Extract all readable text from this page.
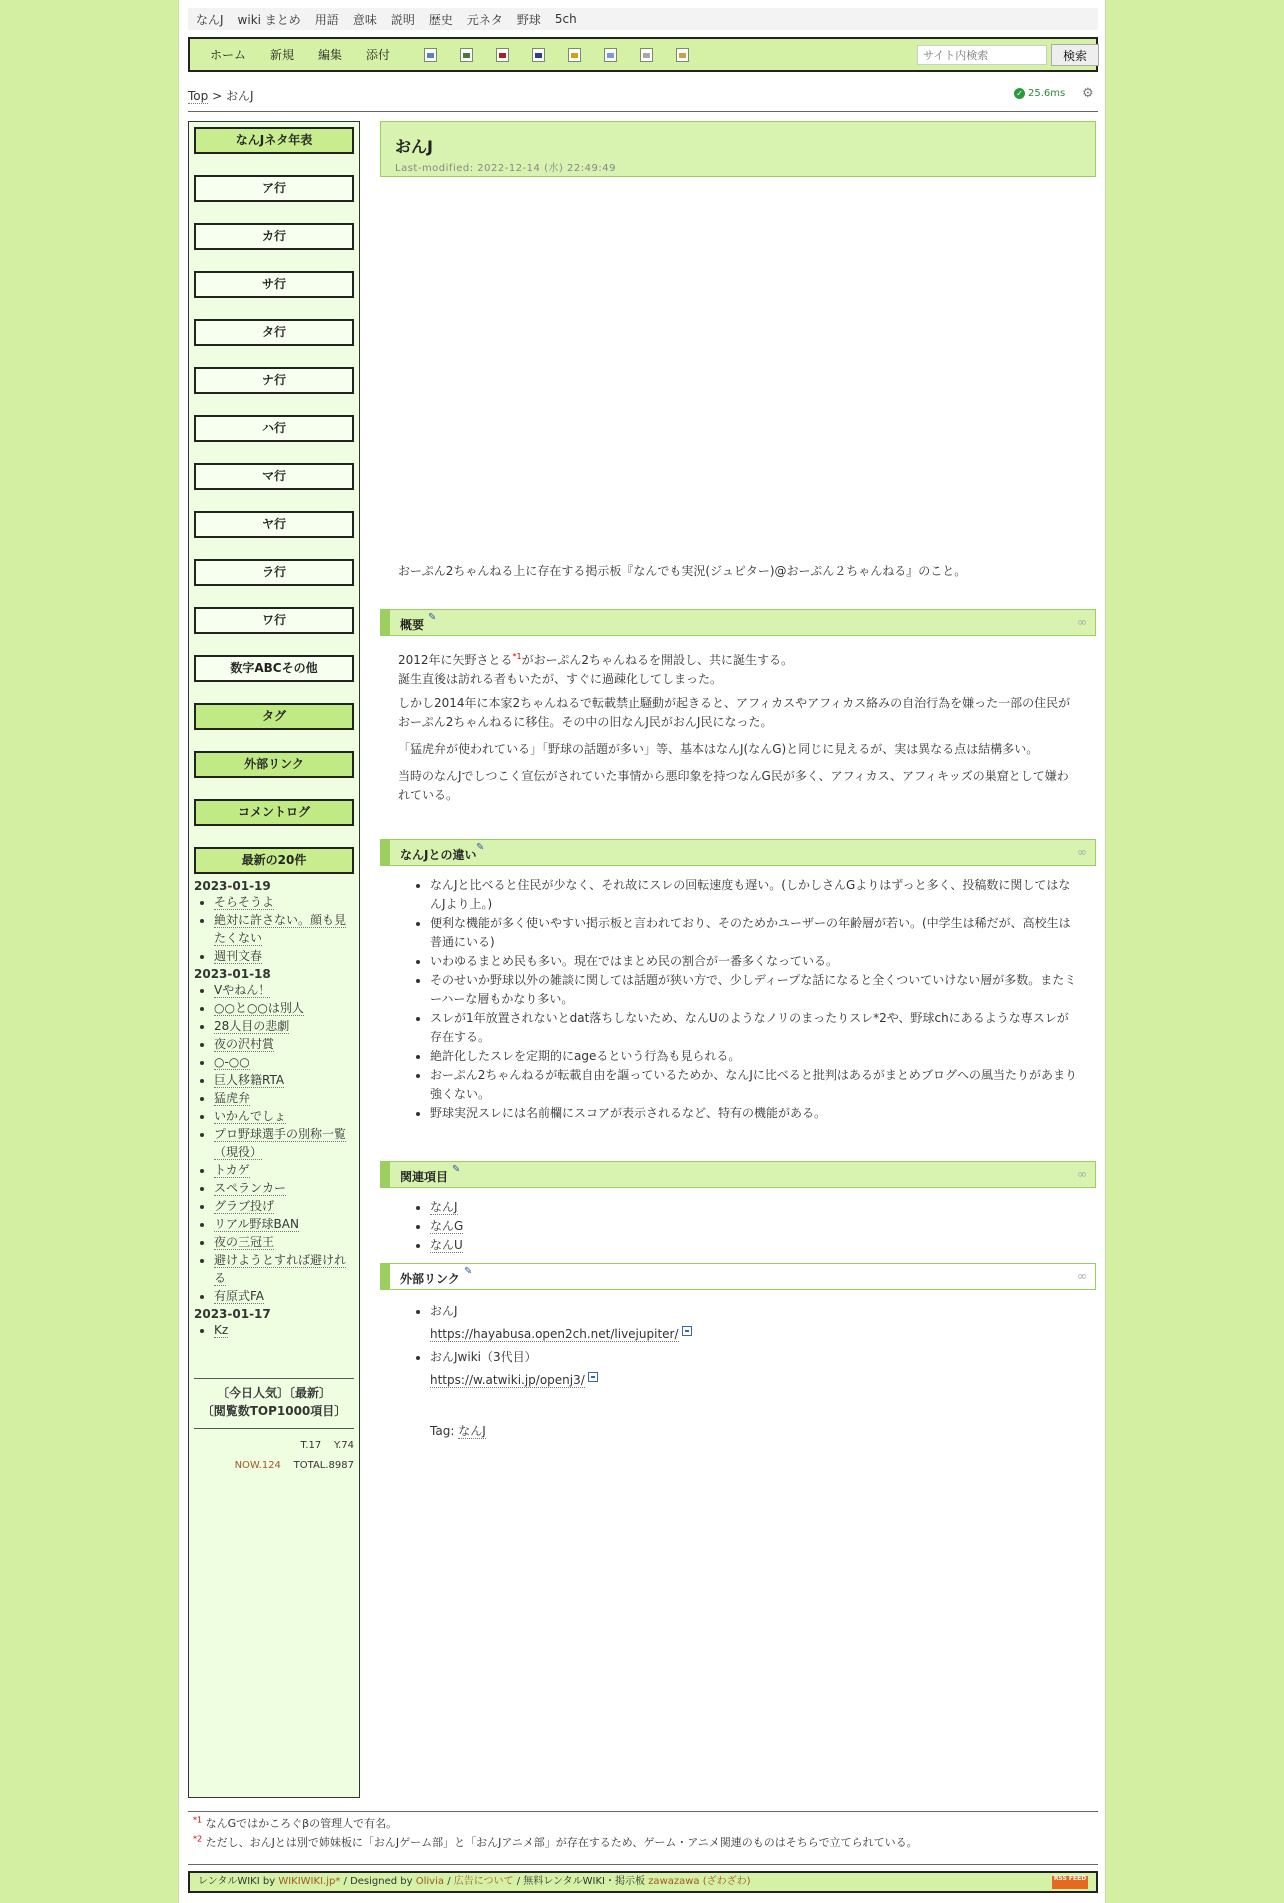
なんJ wiki まとめ 用語 意味 説明 歴史 元ネタ 野球 5ch
ホーム 新規 編集 添付
サイト内検索	検索
Top > おんJ
✓	25.6ms ⚙
なんJネタ年表
ア行
カ行
サ行
タ行
ナ行
ハ行
マ行
ヤ行
ラ行
ワ行
数字ABCその他
タグ
外部リンク
コメントログ
最新の20件
2023-01-19
• そらそうよ
• 絶対に許さない。顔も見たくない
• 週刊文春
2023-01-18
• Vやねん！
• ○○と○○は別人
• 28人目の悲劇
• 夜の沢村賞
• ○-○○
• 巨人移籍RTA
• 猛虎弁
• いかんでしょ
• プロ野球選手の別称一覧 （現役）
• トカゲ
• スペランカー
• グラブ投げ
• リアル野球BAN
• 夜の三冠王
• 避けようとすれば避けれる
• 有原式FA
2023-01-17
• Kz
〔今日人気〕〔最新〕
〔閲覧数TOP1000項目〕
T.17 Y.74
NOW.124 TOTAL.8987
おんJ
Last-modified: 2022-12-14 (水) 22:49:49
おーぷん2ちゃんねる上に存在する掲示板『なんでも実況(ジュピター)@おーぷん２ちゃんねる』のこと。
概要
✎	∞
2012年に矢野さとる$^{*1}$がおーぷん2ちゃんねるを開設し、共に誕生する。
誕生直後は訪れる者もいたが、すぐに過疎化してしまった。
しかし2014年に本家2ちゃんねるで転載禁止騒動が起きると、アフィカスやアフィカス絡みの自治行為を嫌った一部の住民がおーぷん2ちゃんねるに移住。その中の旧なんJ民がおんJ民になった。
「猛虎弁が使われている」「野球の話題が多い」等、基本はなんJ(なんG)と同じに見えるが、実は異なる点は結構多い。
当時のなんJでしつこく宣伝がされていた事情から悪印象を持つなんG民が多く、アフィカス、アフィキッズの巣窟として嫌われている。
なんJとの違い
✎	∞
• なんJと比べると住民が少なく、それ故にスレの回転速度も遅い。(しかしさんGよりはずっと多く、投稿数に関してはなんJより上。)
• 便利な機能が多く使いやすい掲示板と言われており、そのためかユーザーの年齢層が若い。(中学生は稀だが、高校生は普通にいる)
• いわゆるまとめ民も多い。現在ではまとめ民の割合が一番多くなっている。
• そのせいか野球以外の雑談に関しては話題が狭い方で、少しディープな話になると全くついていけない層が多数。またミーハーな層もかなり多い。
• スレが1年放置されないとdat落ちしないため、なんUのようなノリのまったりスレ*2や、野球chにあるような専スレが存在する。
• 絶許化したスレを定期的にageるという行為も見られる。
• おーぷん2ちゃんねるが転載自由を謳っているためか、なんJに比べると批判はあるがまとめブログへの風当たりがあまり強くない。
• 野球実況スレには名前欄にスコアが表示されるなど、特有の機能がある。
関連項目
✎	∞
• なんJ
• なんG
• なんU
外部リンク
✎	∞
• おんJ
https://hayabusa.open2ch.net/livejupiter/
• おんJwiki（3代目）
https://w.atwiki.jp/openj3/
Tag: なんJ
$^{*1}$ なんGではかころぐβの管理人で有名。
$^{*2}$ ただし、おんJとは別で姉妹板に「おんJゲーム部」と「おんJアニメ部」が存在するため、ゲーム・アニメ関連のものはそちらで立てられている。
レンタルWIKI by WIKIWIKI.jp* / Designed by Olivia / 広告について / 無料レンタルWIKI・掲示板 zawazawa (ざわざわ)	RSS FEED
